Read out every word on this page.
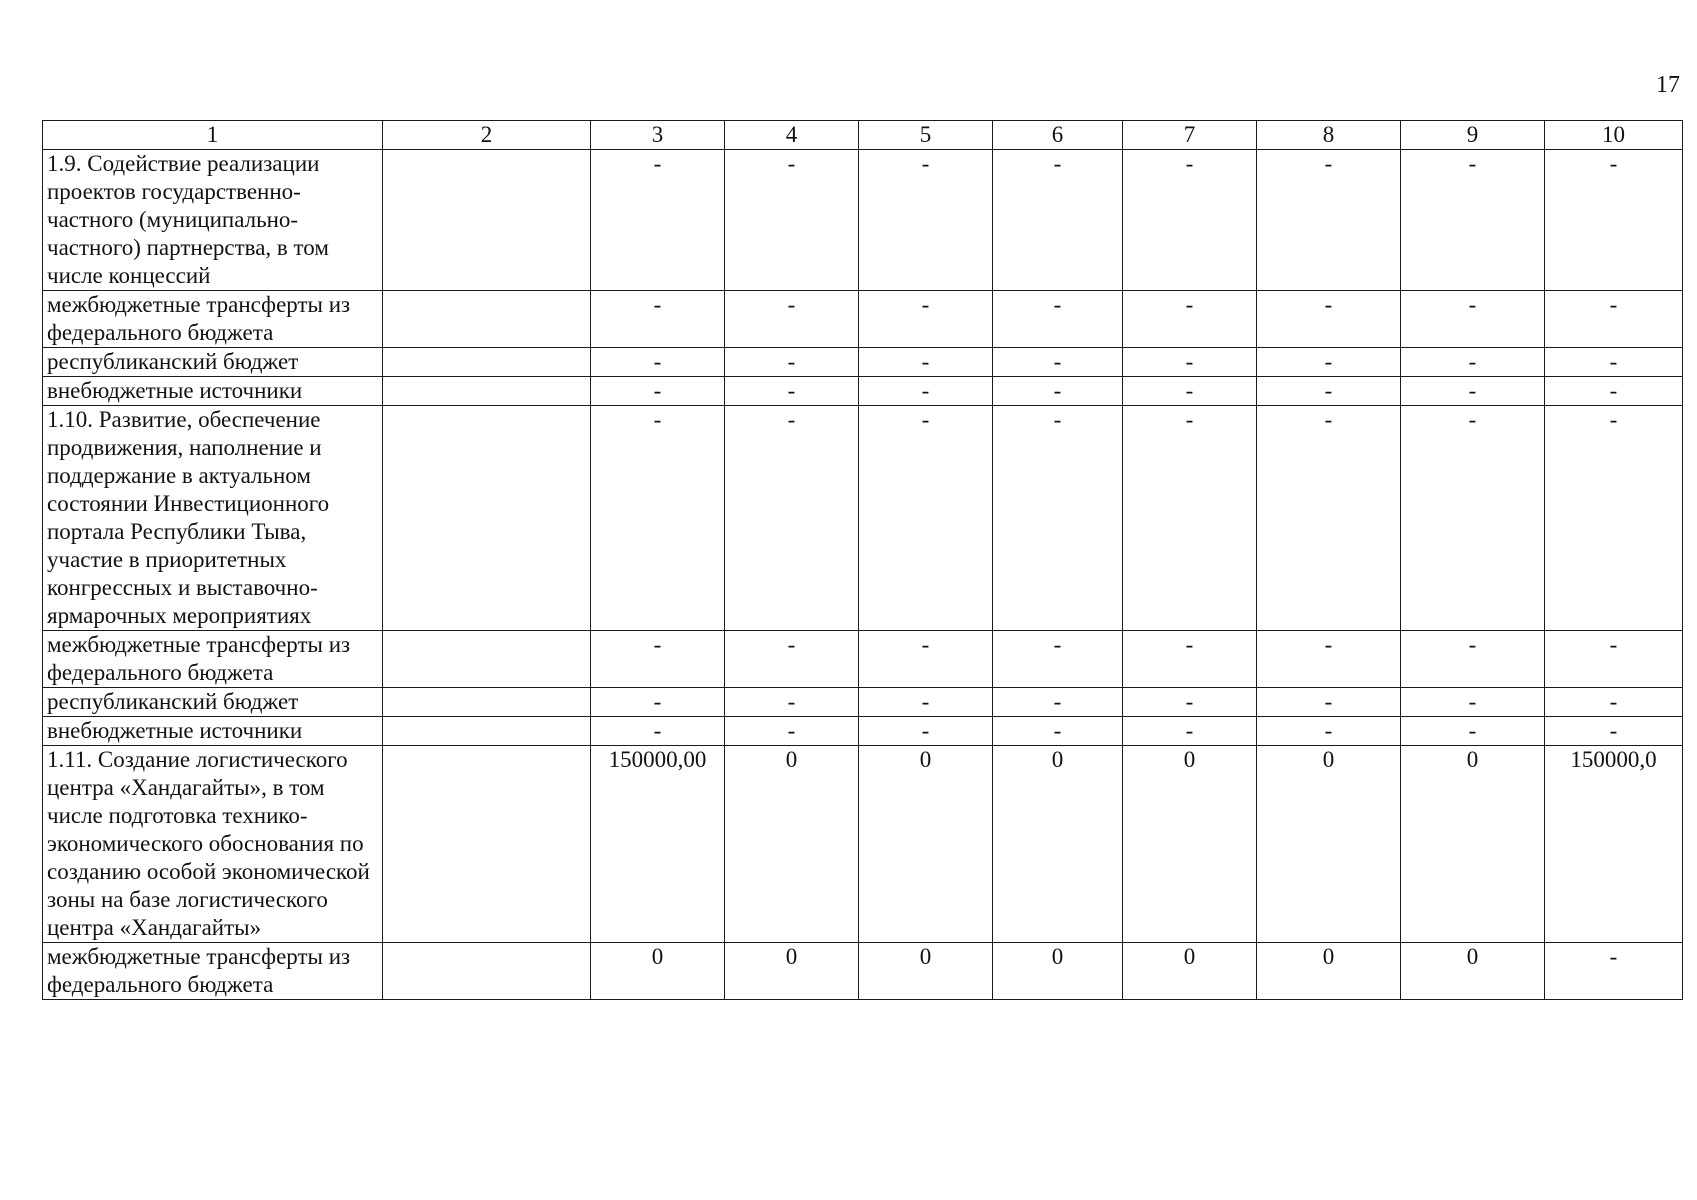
17
1	2	3	4	5	6	7	8	9	10
1.9. Содействие реализации проектов государственно-частного (муниципально-частного) партнерства, в том числе концессий		-	-	-	-	-	-	-	-
межбюджетные трансферты из федерального бюджета		-	-	-	-	-	-	-	-
республиканский бюджет		-	-	-	-	-	-	-	-
внебюджетные источники		-	-	-	-	-	-	-	-
1.10. Развитие, обеспечение продвижения, наполнение и поддержание в актуальном состоянии Инвестиционного портала Республики Тыва, участие в приоритетных конгрессных и выставочно-ярмарочных мероприятиях		-	-	-	-	-	-	-	-
межбюджетные трансферты из федерального бюджета		-	-	-	-	-	-	-	-
республиканский бюджет		-	-	-	-	-	-	-	-
внебюджетные источники		-	-	-	-	-	-	-	-
1.11. Создание логистического центра «Хандагайты», в том числе подготовка технико-экономического обоснования по созданию особой экономической зоны на базе логистического центра «Хандагайты»		150000,00	0	0	0	0	0	0	150000,0
межбюджетные трансферты из федерального бюджета		0	0	0	0	0	0	0	-
